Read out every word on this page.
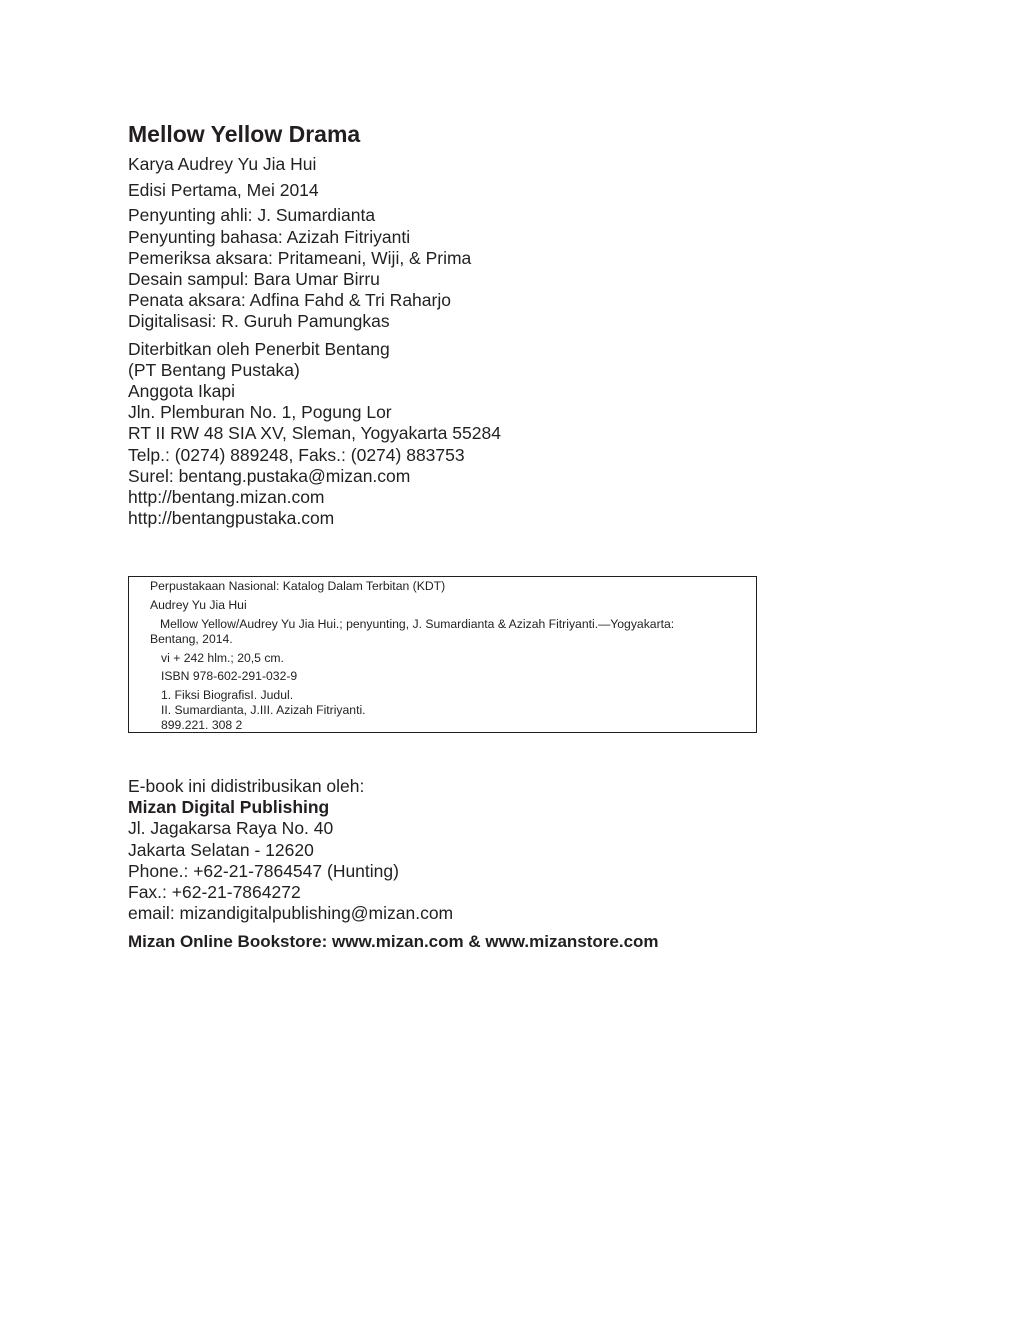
Mellow Yellow Drama
Karya Audrey Yu Jia Hui
Edisi Pertama, Mei 2014
Penyunting ahli: J. Sumardianta
Penyunting bahasa: Azizah Fitriyanti
Pemeriksa aksara: Pritameani, Wiji, & Prima
Desain sampul: Bara Umar Birru
Penata aksara: Adfina Fahd & Tri Raharjo
Digitalisasi: R. Guruh Pamungkas
Diterbitkan oleh Penerbit Bentang
(PT Bentang Pustaka)
Anggota Ikapi
Jln. Plemburan No. 1, Pogung Lor
RT II RW 48 SIA XV, Sleman, Yogyakarta 55284
Telp.: (0274) 889248, Faks.: (0274) 883753
Surel: bentang.pustaka@mizan.com
http://bentang.mizan.com
http://bentangpustaka.com
Perpustakaan Nasional: Katalog Dalam Terbitan (KDT)
Audrey Yu Jia Hui
Mellow Yellow/Audrey Yu Jia Hui.; penyunting, J. Sumardianta & Azizah Fitriyanti.—Yogyakarta:
Bentang, 2014.
vi + 242 hlm.; 20,5 cm.
ISBN 978-602-291-032-9
1. Fiksi BiografisI. Judul.
II. Sumardianta, J.III. Azizah Fitriyanti.
899.221. 308 2
E-book ini didistribusikan oleh:
Mizan Digital Publishing
Jl. Jagakarsa Raya No. 40
Jakarta Selatan - 12620
Phone.: +62-21-7864547 (Hunting)
Fax.: +62-21-7864272
email: mizandigitalpublishing@mizan.com
Mizan Online Bookstore: www.mizan.com & www.mizanstore.com
